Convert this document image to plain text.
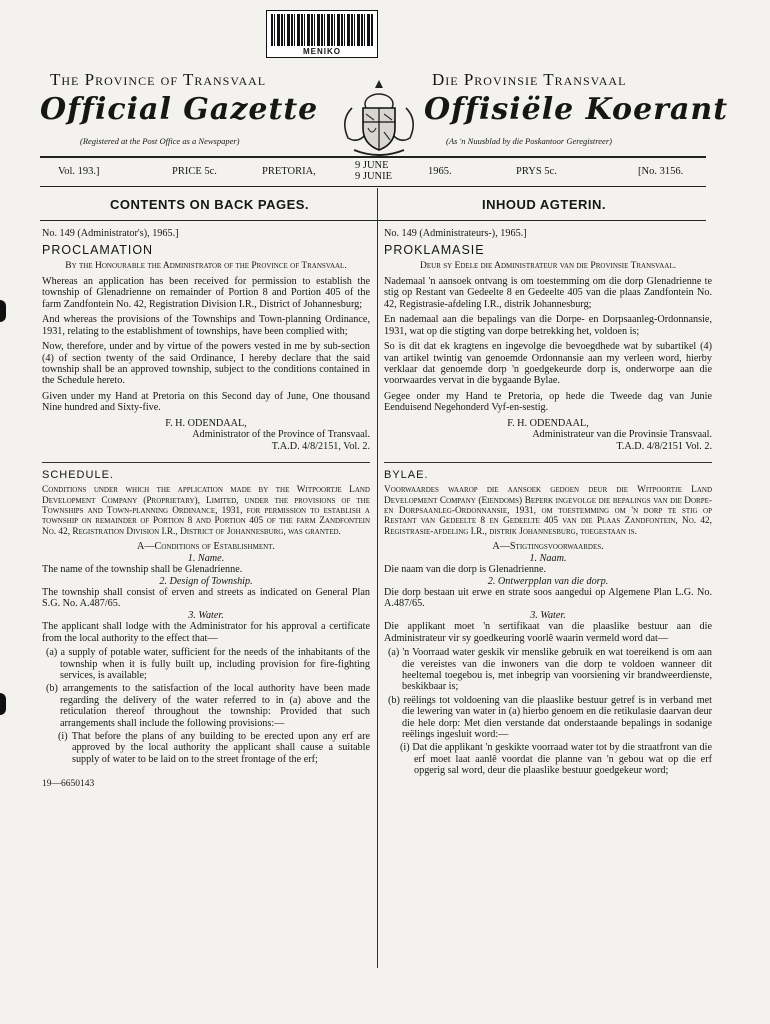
MENIKO
The Province of Transvaal	Die Provinsie Transvaal
Official Gazette	Offisiële Koerant
(Registered at the Post Office as a Newspaper)	(As 'n Nuusblad by die Poskantoor Geregistreer)
Vol. 193.]	PRICE 5c.	PRETORIA,
9 JUNE
9 JUNIE	1965.	PRYS 5c.	[No. 3156.
CONTENTS ON BACK PAGES.	INHOUD AGTERIN.

No. 149 (Administrator's), 1965.]

PROCLAMATION

By the Honourable the Administrator of the Province of Transvaal.

Whereas an application has been received for permission to establish the township of Glenadrienne on remainder of Portion 8 and Portion 405 of the farm Zandfontein No. 42, Registration Division I.R., District of Johannesburg;

And whereas the provisions of the Townships and Town-planning Ordinance, 1931, relating to the establishment of townships, have been complied with;

Now, therefore, under and by virtue of the powers vested in me by sub-section (4) of section twenty of the said Ordinance, I hereby declare that the said township shall be an approved township, subject to the conditions contained in the Schedule hereto.

Given under my Hand at Pretoria on this Second day of June, One thousand Nine hundred and Sixty-five.

F. H. ODENDAAL,

Administrator of the Province of Transvaal.

T.A.D. 4/8/2151, Vol. 2.

SCHEDULE.

Conditions under which the application made by the Witpoortje Land Development Company (Proprietary), Limited, under the provisions of the Townships and Town-planning Ordinance, 1931, for permission to establish a township on remainder of Portion 8 and Portion 405 of the farm Zandfontein No. 42, Registration Division I.R., District of Johannesburg, was granted.

A—Conditions of Establishment.

1. Name.

The name of the township shall be Glenadrienne.

2. Design of Township.

The township shall consist of erven and streets as indicated on General Plan S.G. No. A.487/65.

3. Water.

The applicant shall lodge with the Administrator for his approval a certificate from the local authority to the effect that—

(a) a supply of potable water, sufficient for the needs of the inhabitants of the township when it is fully built up, including provision for fire-fighting services, is available;

(b) arrangements to the satisfaction of the local authority have been made regarding the delivery of the water referred to in (a) above and the reticulation thereof throughout the township: Provided that such arrangements shall include the following provisions:—

(i) That before the plans of any building to be erected upon any erf are approved by the local authority the applicant shall cause a suitable supply of water to be laid on to the street frontage of the erf;

19—6650143

No. 149 (Administrateurs-), 1965.]

PROKLAMASIE

Deur sy Edele die Administrateur van die Provinsie Transvaal.

Nademaal 'n aansoek ontvang is om toestemming om die dorp Glenadrienne te stig op Restant van Gedeelte 8 en Gedeelte 405 van die plaas Zandfontein No. 42, Registrasie-afdeling I.R., distrik Johannesburg;

En nademaal aan die bepalings van die Dorpe- en Dorpsaanleg-Ordonnansie, 1931, wat op die stigting van dorpe betrekking het, voldoen is;

So is dit dat ek kragtens en ingevolge die bevoegdhede wat by subartikel (4) van artikel twintig van genoemde Ordonnansie aan my verleen word, hierby verklaar dat genoemde dorp 'n goedgekeurde dorp is, onderworpe aan die voorwaardes vervat in die bygaande Bylae.

Gegee onder my Hand te Pretoria, op hede die Tweede dag van Junie Eenduisend Negehonderd Vyf-en-sestig.

F. H. ODENDAAL,

Administrateur van die Provinsie Transvaal.

T.A.D. 4/8/2151 Vol. 2.

BYLAE.

Voorwaardes waarop die aansoek gedoen deur die Witpoortje Land Development Company (Eiendoms) Beperk ingevolge die bepalings van die Dorpe- en Dorpsaanleg-Ordonnansie, 1931, om toestemming om 'n dorp te stig op Restant van Gedeelte 8 en Gedeelte 405 van die Plaas Zandfontein, No. 42, Registrasie-afdeling I.R., distrik Johannesburg, toegestaan is.

A—Stigtingsvoorwaardes.

1. Naam.

Die naam van die dorp is Glenadrienne.

2. Ontwerpplan van die dorp.

Die dorp bestaan uit erwe en strate soos aangedui op Algemene Plan L.G. No. A.487/65.

3. Water.

Die applikant moet 'n sertifikaat van die plaaslike bestuur aan die Administrateur vir sy goedkeuring voorlê waarin vermeld word dat—

(a) 'n Voorraad water geskik vir menslike gebruik en wat toereikend is om aan die vereistes van die inwoners van die dorp te voldoen wanneer dit heeltemal toegebou is, met inbegrip van voorsiening vir brandweerdienste, beskikbaar is;

(b) reëlings tot voldoening van die plaaslike bestuur getref is in verband met die lewering van water in (a) hierbo genoem en die retikulasie daarvan deur die hele dorp: Met dien verstande dat onderstaande bepalings in sodanige reëlings ingesluit word:—

(i) Dat die applikant 'n geskikte voorraad water tot by die straatfront van die erf moet laat aanlê voordat die planne van 'n gebou wat op die erf opgerig sal word, deur die plaaslike bestuur goedgekeur word;
